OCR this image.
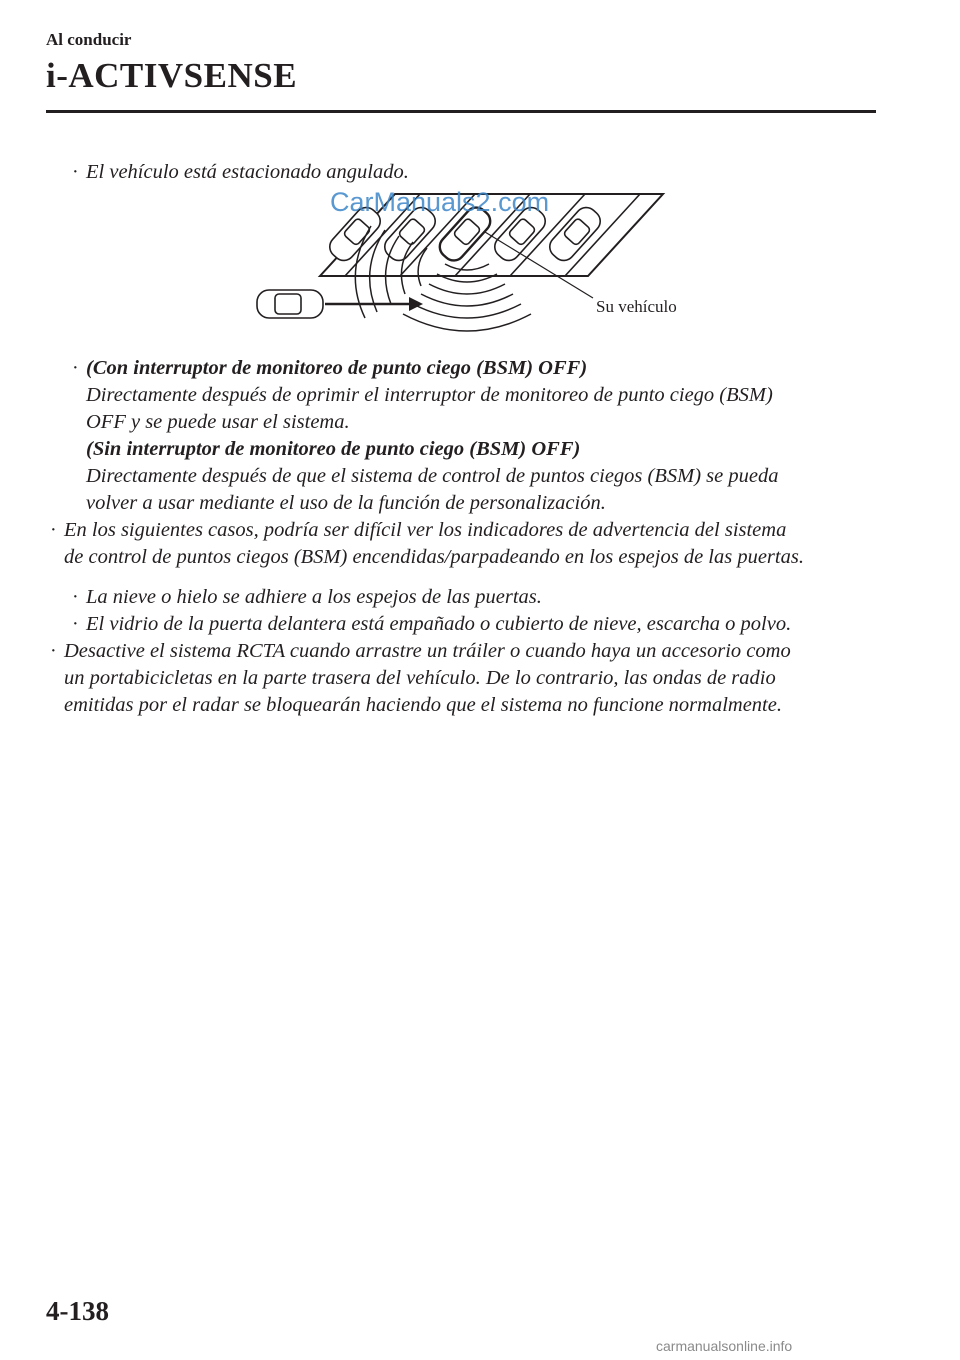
Al conducir
i-ACTIVSENSE
· El vehículo está estacionado angulado.
CarManuals2.com
Su vehículo
· (Con interruptor de monitoreo de punto ciego (BSM) OFF)
Directamente después de oprimir el interruptor de monitoreo de punto ciego (BSM)
OFF y se puede usar el sistema.
(Sin interruptor de monitoreo de punto ciego (BSM) OFF)
Directamente después de que el sistema de control de puntos ciegos (BSM) se pueda
volver a usar mediante el uso de la función de personalización.
· En los siguientes casos, podría ser difícil ver los indicadores de advertencia del sistema
de control de puntos ciegos (BSM) encendidas/parpadeando en los espejos de las puertas.
· La nieve o hielo se adhiere a los espejos de las puertas.
· El vidrio de la puerta delantera está empañado o cubierto de nieve, escarcha o polvo.
· Desactive el sistema RCTA cuando arrastre un tráiler o cuando haya un accesorio como
un portabicicletas en la parte trasera del vehículo. De lo contrario, las ondas de radio
emitidas por el radar se bloquearán haciendo que el sistema no funcione normalmente.
4-138
carmanualsonline.info
